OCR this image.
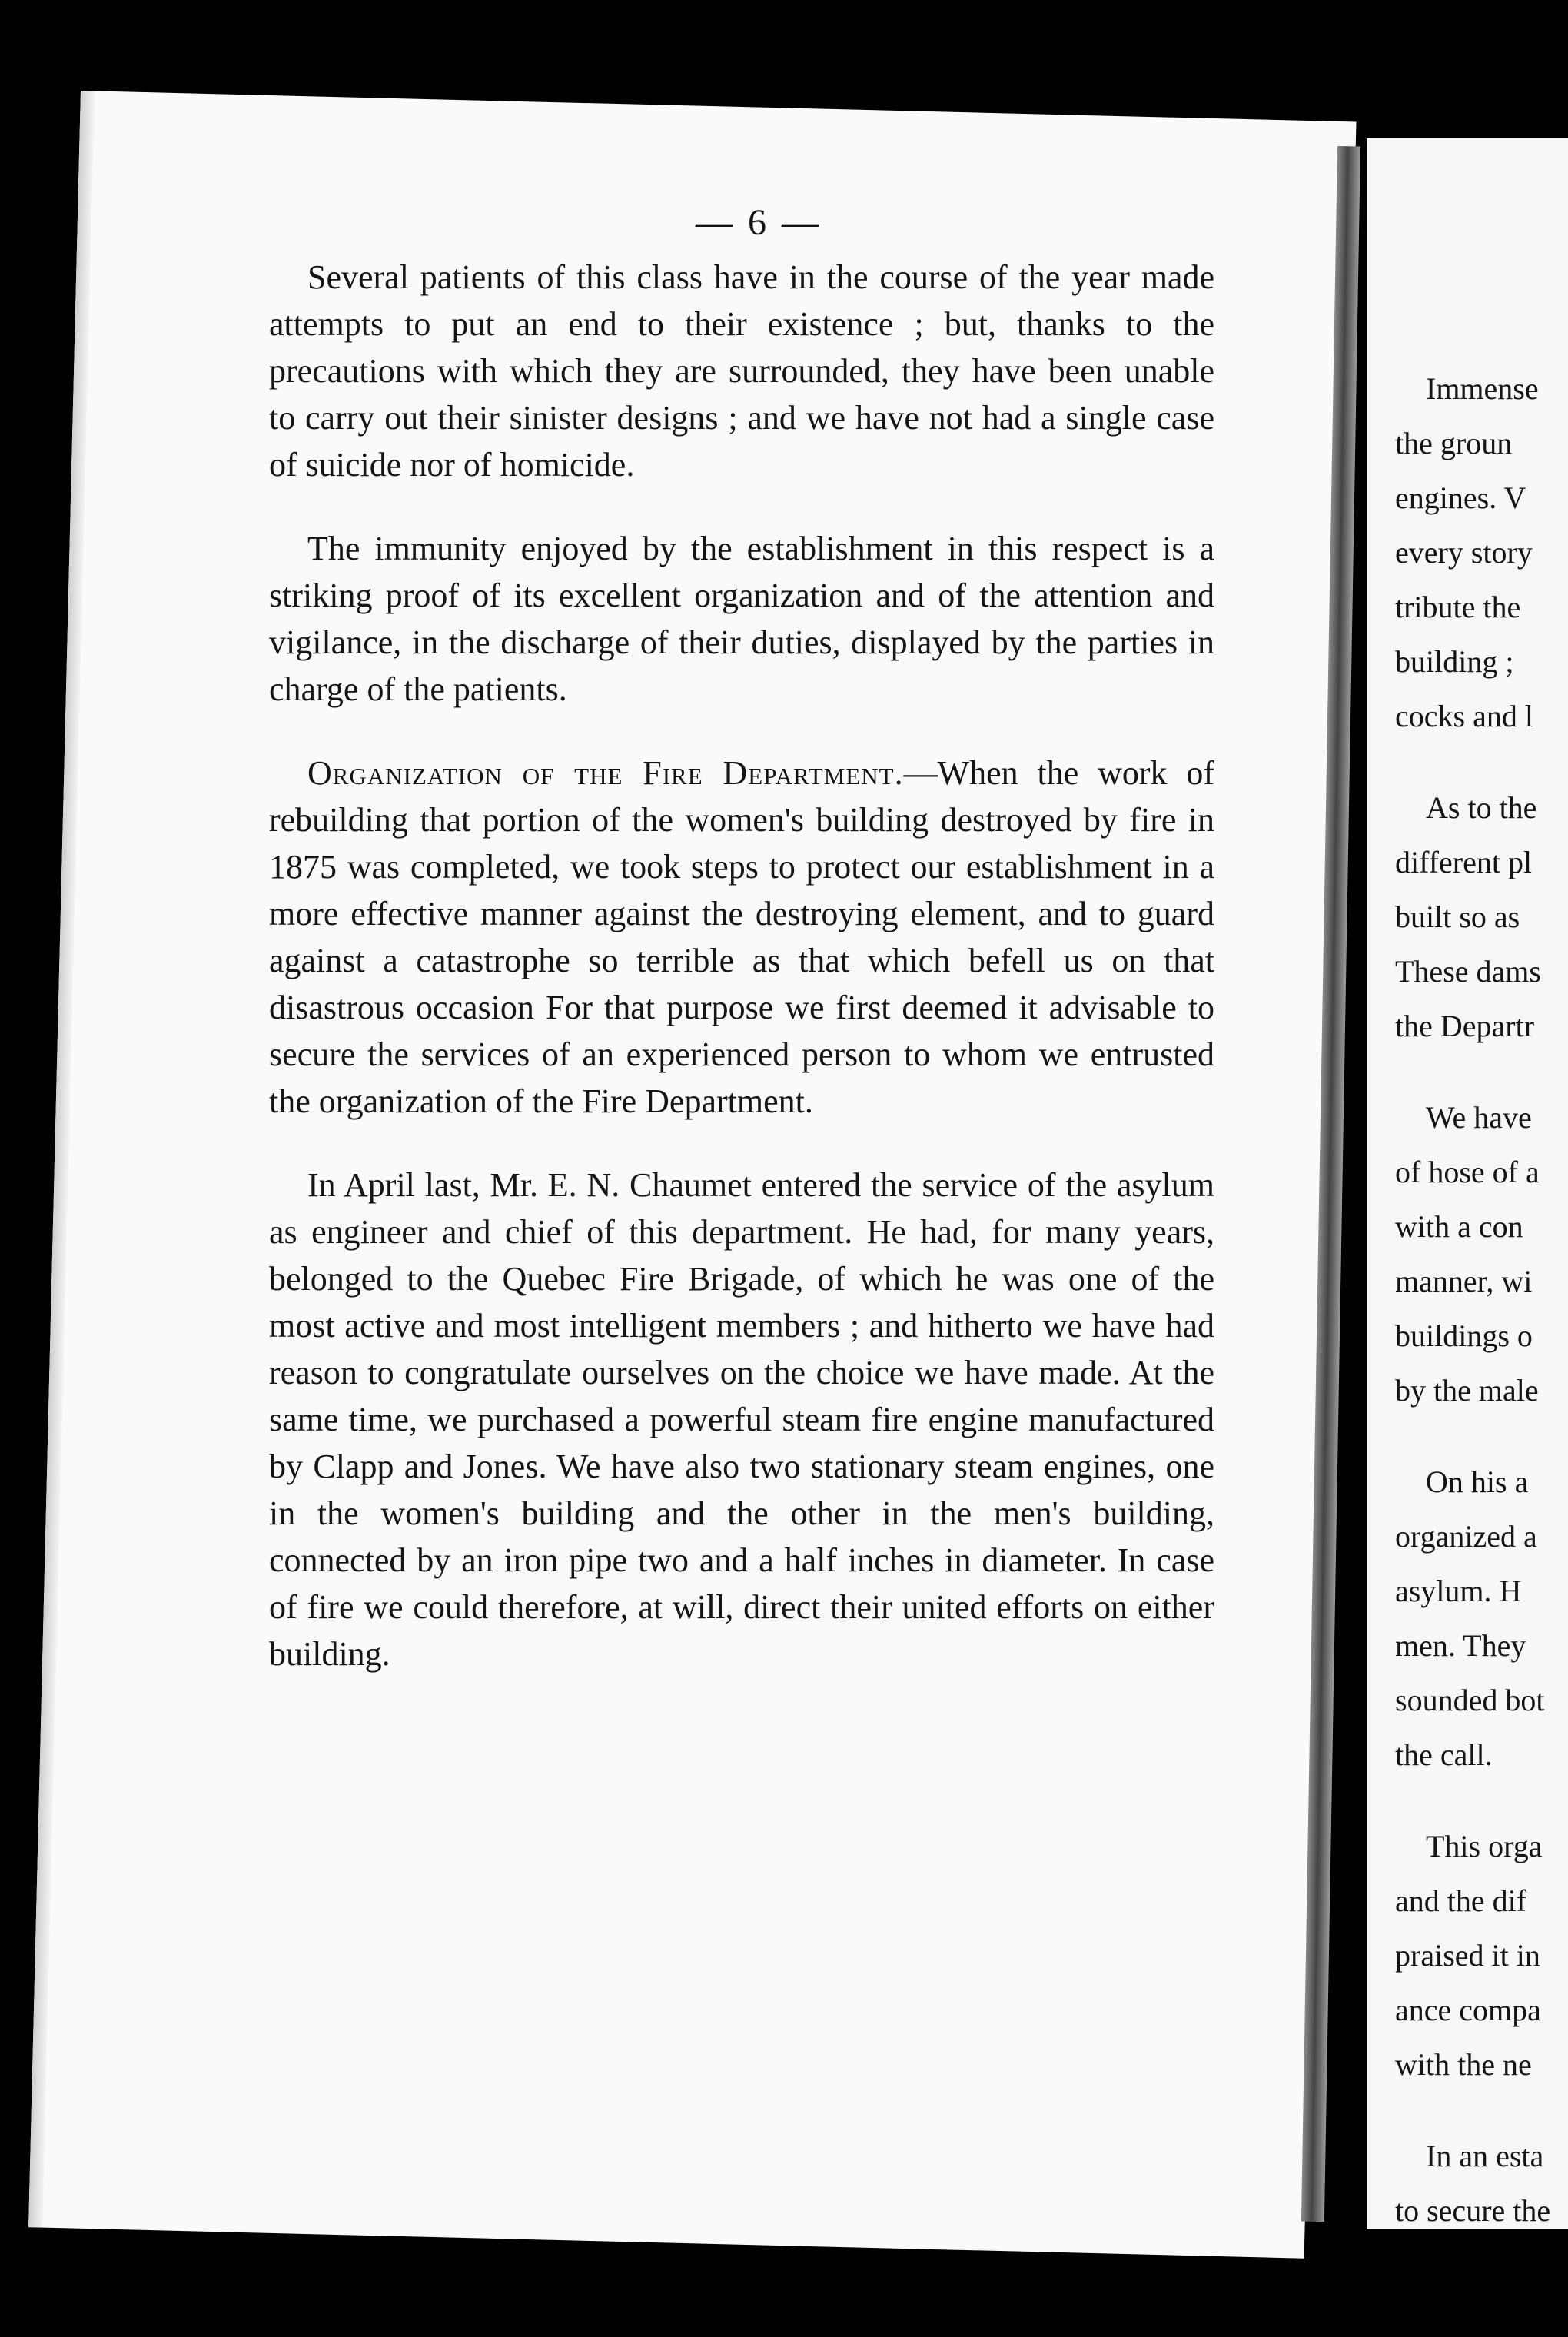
— 6 —

Several patients of this class have in the course of the year made attempts to put an end to their existence ; but, thanks to the precautions with which they are surrounded, they have been unable to carry out their sinister designs ; and we have not had a single case of suicide nor of homicide.

The immunity enjoyed by the establishment in this respect is a striking proof of its excellent organization and of the attention and vigilance, in the discharge of their duties, displayed by the parties in charge of the patients.

Organization of the Fire Department.—When the work of rebuilding that portion of the women's building destroyed by fire in 1875 was completed, we took steps to protect our establishment in a more effective manner against the destroying element, and to guard against a catastrophe so terrible as that which befell us on that disastrous occasion For that purpose we first deemed it advisable to secure the services of an experienced person to whom we entrusted the organization of the Fire Department.

In April last, Mr. E. N. Chaumet entered the service of the asylum as engineer and chief of this department. He had, for many years, belonged to the Quebec Fire Brigade, of which he was one of the most active and most intelligent members ; and hitherto we have had reason to congratulate ourselves on the choice we have made. At the same time, we purchased a powerful steam fire engine manufactured by Clapp and Jones. We have also two stationary steam engines, one in the women's building and the other in the men's building, connected by an iron pipe two and a half inches in diameter. In case of fire we could therefore, at will, direct their united efforts on either building.

Immense
the groun
engines. V
every story
tribute the
building ;
cocks and l
As to the
different pl
built so as
These dams
the Departr
We have
of hose of a
with a con
manner, wi
buildings o
by the male
On his a
organized a
asylum. H
men. They
sounded bot
the call.
This orga
and the dif
praised it in
ance compa
with the ne
In an esta
to secure the
